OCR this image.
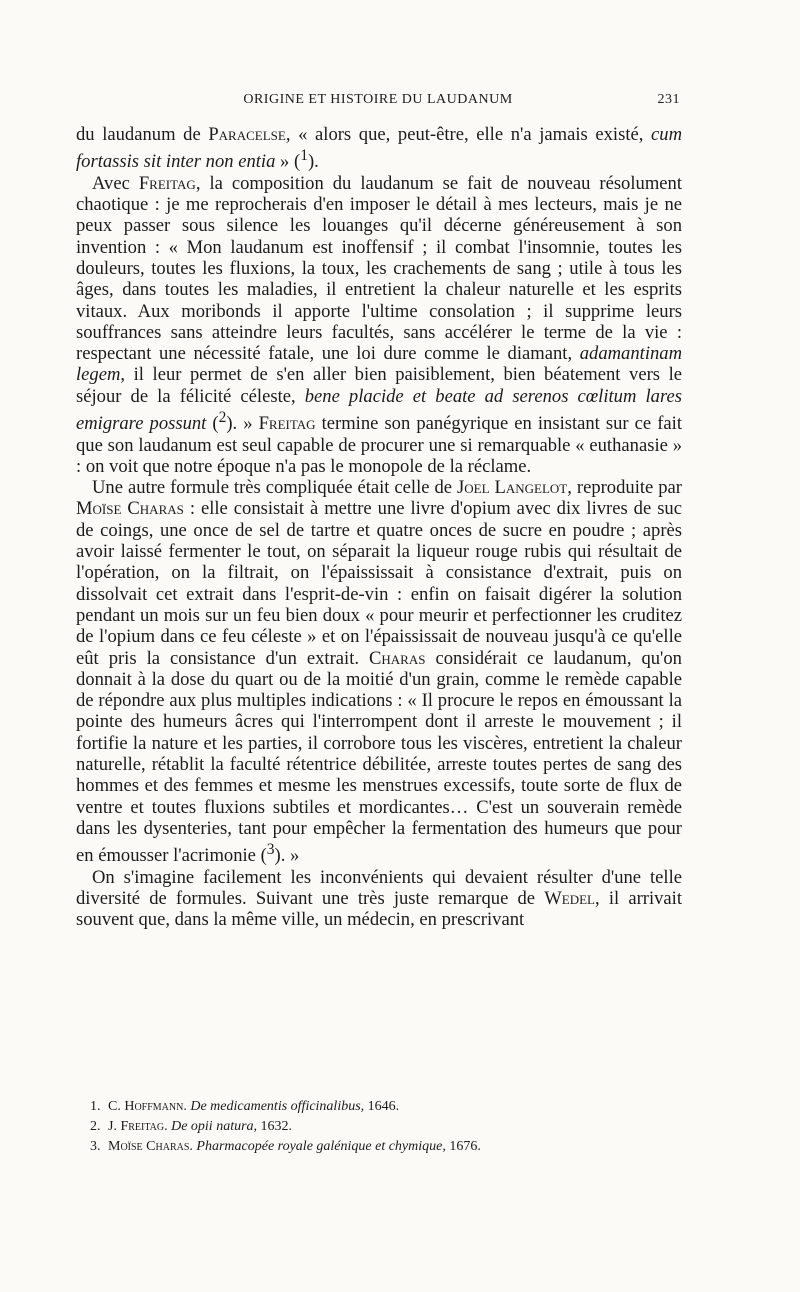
ORIGINE ET HISTOIRE DU LAUDANUM	231

du laudanum de Paracelse, « alors que, peut-être, elle n'a jamais existé, cum fortassis sit inter non entia » ($^1$).

Avec Freitag, la composition du laudanum se fait de nouveau résolument chaotique : je me reprocherais d'en imposer le détail à mes lecteurs, mais je ne peux passer sous silence les louanges qu'il décerne généreusement à son invention : « Mon laudanum est inoffensif ; il combat l'insomnie, toutes les douleurs, toutes les fluxions, la toux, les crachements de sang ; utile à tous les âges, dans toutes les maladies, il entretient la chaleur naturelle et les esprits vitaux. Aux moribonds il apporte l'ultime consolation ; il supprime leurs souffrances sans atteindre leurs facultés, sans accélérer le terme de la vie : respectant une nécessité fatale, une loi dure comme le diamant, adamantinam legem, il leur permet de s'en aller bien paisiblement, bien béatement vers le séjour de la félicité céleste, bene placide et beate ad serenos cœlitum lares emigrare possunt ($^2$). » Freitag termine son panégyrique en insistant sur ce fait que son laudanum est seul capable de procurer une si remarquable « euthanasie » : on voit que notre époque n'a pas le monopole de la réclame.

Une autre formule très compliquée était celle de Joel Langelot, reproduite par Moïse Charas : elle consistait à mettre une livre d'opium avec dix livres de suc de coings, une once de sel de tartre et quatre onces de sucre en poudre ; après avoir laissé fermenter le tout, on séparait la liqueur rouge rubis qui résultait de l'opération, on la filtrait, on l'épaississait à consistance d'extrait, puis on dissolvait cet extrait dans l'esprit-de-vin : enfin on faisait digérer la solution pendant un mois sur un feu bien doux « pour meurir et perfectionner les cruditez de l'opium dans ce feu céleste » et on l'épaississait de nouveau jusqu'à ce qu'elle eût pris la consistance d'un extrait. Charas considérait ce laudanum, qu'on donnait à la dose du quart ou de la moitié d'un grain, comme le remède capable de répondre aux plus multiples indications : « Il procure le repos en émoussant la pointe des humeurs âcres qui l'interrompent dont il arreste le mouvement ; il fortifie la nature et les parties, il corrobore tous les viscères, entretient la chaleur naturelle, rétablit la faculté rétentrice débilitée, arreste toutes pertes de sang des hommes et des femmes et mesme les menstrues excessifs, toute sorte de flux de ventre et toutes fluxions subtiles et mordicantes… C'est un souverain remède dans les dysenteries, tant pour empêcher la fermentation des humeurs que pour en émousser l'acrimonie ($^3$). »

On s'imagine facilement les inconvénients qui devaient résulter d'une telle diversité de formules. Suivant une très juste remarque de Wedel, il arrivait souvent que, dans la même ville, un médecin, en prescrivant

1. C. Hoffmann. De medicamentis officinalibus, 1646.
2. J. Freitag. De opii natura, 1632.
3. Moïse Charas. Pharmacopée royale galénique et chymique, 1676.
